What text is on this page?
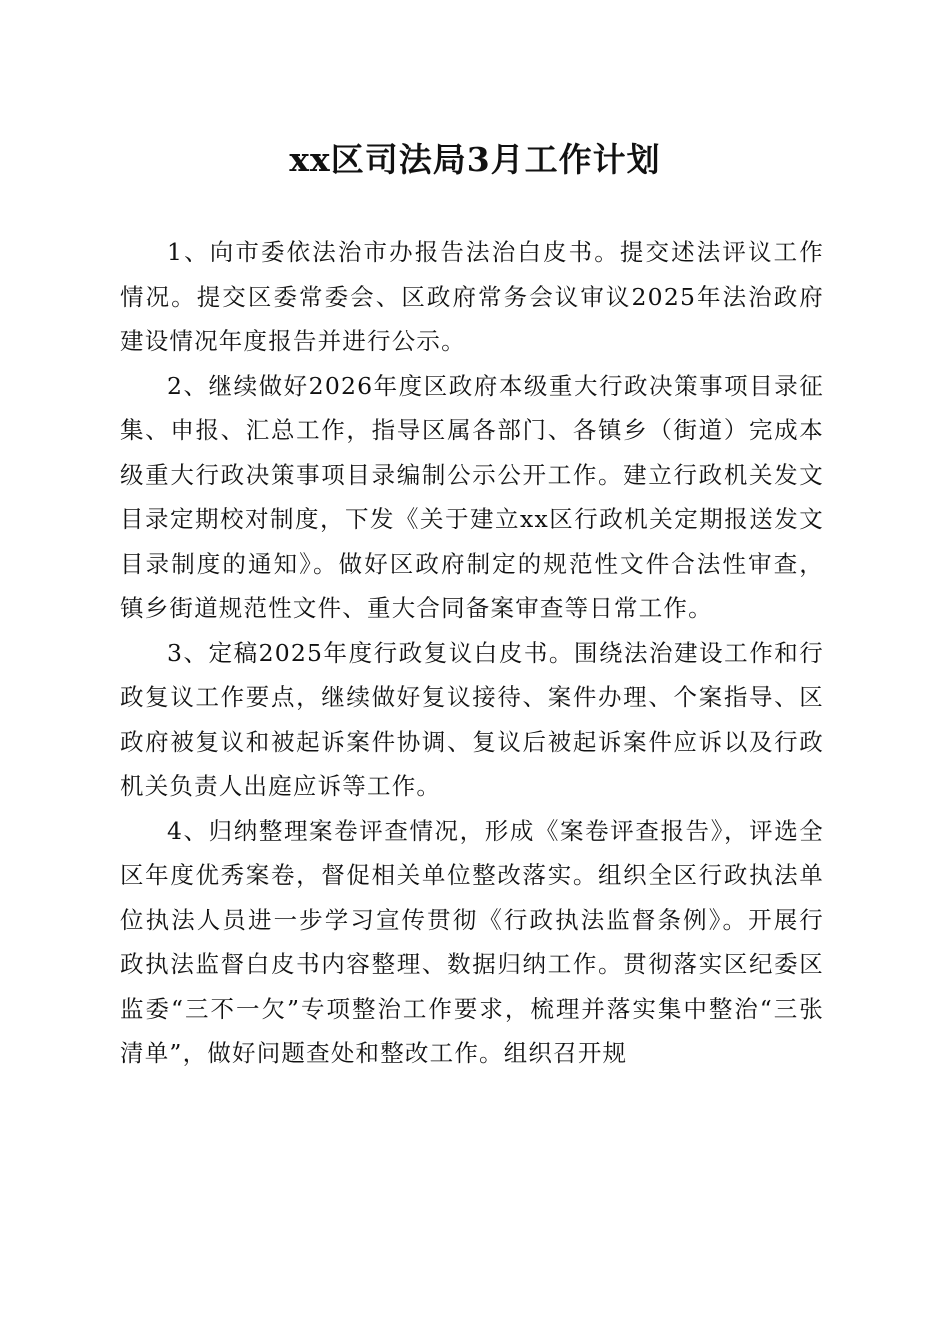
xx区司法局3月工作计划

1、向市委依法治市办报告法治白皮书。提交述法评议工作情况。提交区委常委会、区政府常务会议审议2025年法治政府建设情况年度报告并进行公示。

2、继续做好2026年度区政府本级重大行政决策事项目录征集、申报、汇总工作，指导区属各部门、各镇乡（街道）完成本级重大行政决策事项目录编制公示公开工作。建立行政机关发文目录定期校对制度，下发《关于建立xx区行政机关定期报送发文目录制度的通知》。做好区政府制定的规范性文件合法性审查，镇乡街道规范性文件、重大合同备案审查等日常工作。

3、定稿2025年度行政复议白皮书。围绕法治建设工作和行政复议工作要点，继续做好复议接待、案件办理、个案指导、区政府被复议和被起诉案件协调、复议后被起诉案件应诉以及行政机关负责人出庭应诉等工作。

4、归纳整理案卷评查情况，形成《案卷评查报告》，评选全区年度优秀案卷，督促相关单位整改落实。组织全区行政执法单位执法人员进一步学习宣传贯彻《行政执法监督条例》。开展行政执法监督白皮书内容整理、数据归纳工作。贯彻落实区纪委区监委“三不一欠”专项整治工作要求，梳理并落实集中整治“三张清单”，做好问题查处和整改工作。组织召开规
